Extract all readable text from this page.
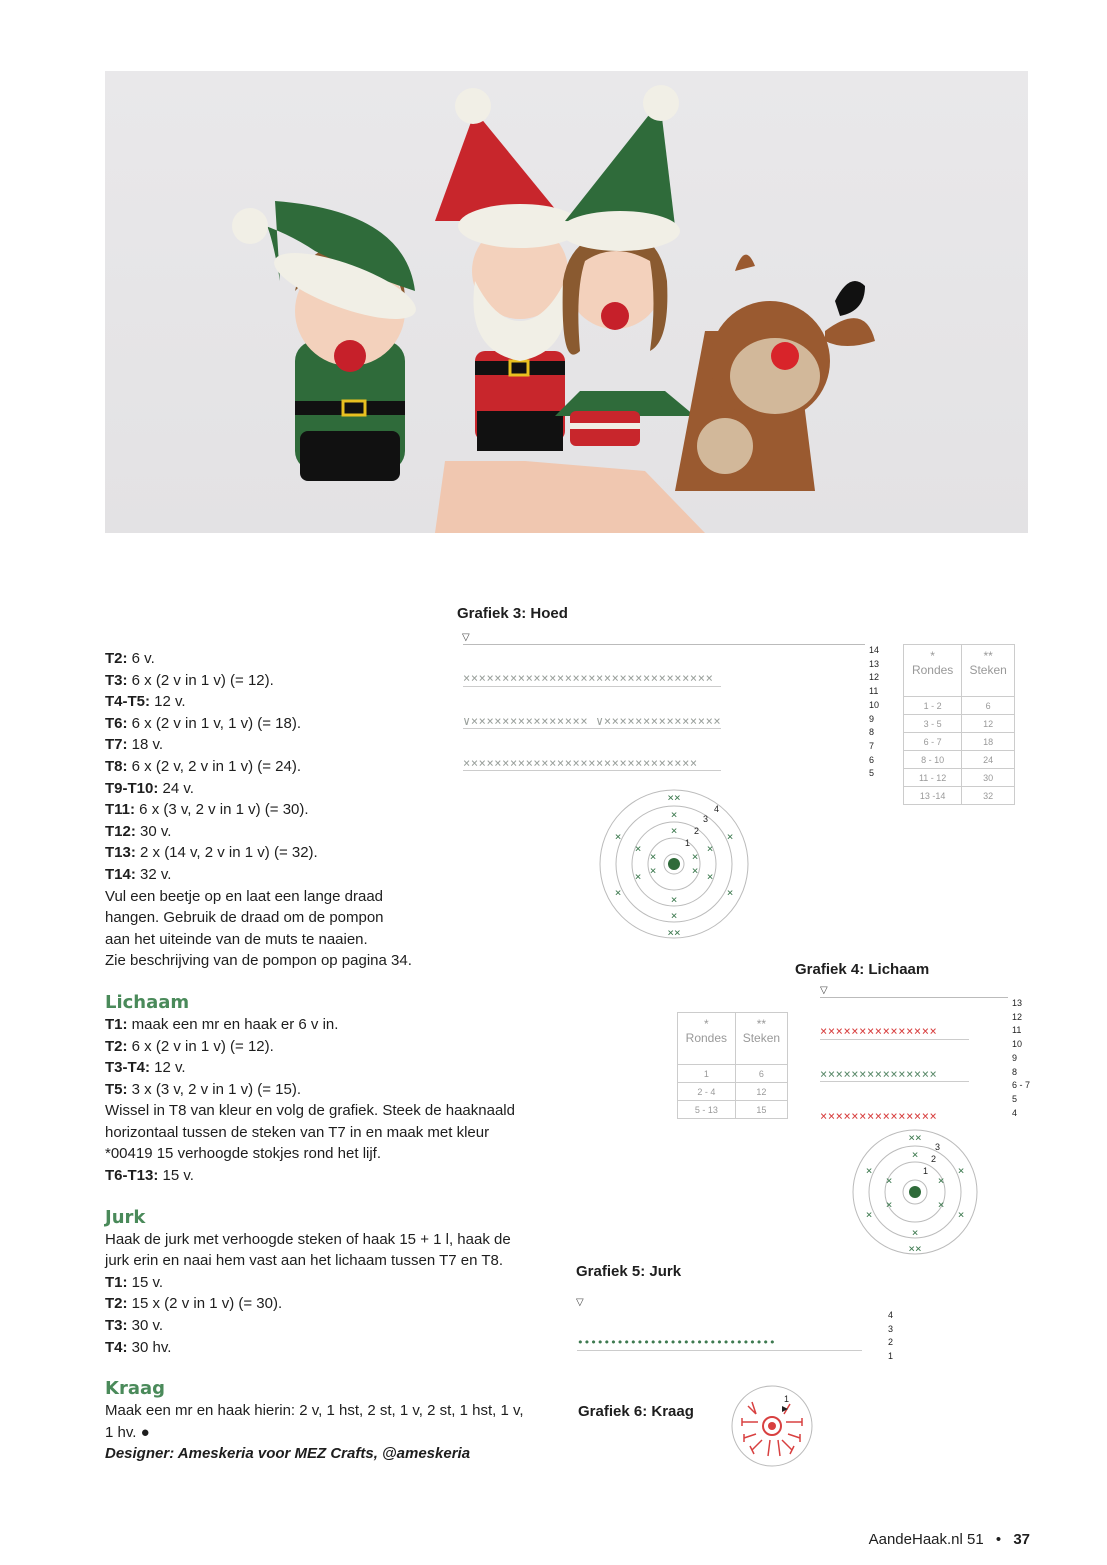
T2: 6 v.

T3: 6 x (2 v in 1 v) (= 12).

T4-T5: 12 v.

T6: 6 x (2 v in 1 v, 1 v) (= 18).

T7: 18 v.

T8: 6 x (2 v, 2 v in 1 v) (= 24).

T9-T10: 24 v.

T11: 6 x (3 v, 2 v in 1 v) (= 30).

T12: 30 v.

T13: 2 x (14 v, 2 v in 1 v) (= 32).

T14: 32 v.

Vul een beetje op en laat een lange draad

hangen. Gebruik de draad om de pompon

aan het uiteinde van de muts te naaien.

Zie beschrijving van de pompon op pagina 34.

Lichaam

T1: maak een mr en haak er 6 v in.

T2: 6 x (2 v in 1 v) (= 12).

T3-T4: 12 v.

T5: 3 x (3 v, 2 v in 1 v) (= 15).

Wissel in T8 van kleur en volg de grafiek. Steek de haaknaald

horizontaal tussen de steken van T7 in en maak met kleur

*00419 15 verhoogde stokjes rond het lijf.

T6-T13: 15 v.

Jurk

Haak de jurk met verhoogde steken of haak 15 + 1 l, haak de

jurk erin en naai hem vast aan het lichaam tussen T7 en T8.

T1: 15 v.

T2: 15 x (2 v in 1 v) (= 30).

T3: 30 v.

T4: 30 hv.

Kraag

Maak een mr en haak hierin: 2 v, 1 hst, 2 st, 1 v, 2 st, 1 hst, 1 v,

1 hv. ●

Designer: Ameskeria voor MEZ Crafts, @ameskeria

Grafiek 3: Hoed
▽

××××××××××××××××××××××××××××××××

∨××××××××××××××× ∨×××××××××××××××

××××××××××××××××××××××××××××××

14
13
12
11
10
9
8
7
6
5
*
Rondes	**
Steken
1 - 2	6
3 - 5	12
6 - 7	18
8 - 10	24
11 - 12	30
13 -14	32
××
××
×
×
×
×
×	×
×	×
×	×
×	×
×	×
×	×
4
3
2
1
Grafiek 4: Lichaam
▽

×××××××××××××××

×××××××××××××××

×××××××××××××××

13
12
11
10
9
8
6 - 7
5
4
*
Rondes	**
Steken
1	6
2 - 4	12
5 - 13	15
××
××
×
×
×	×
×	×
×	×
×	×
3
2
1
Grafiek 5: Jurk
▽

••••••••••••••••••••••••••••••

4
3
2
1
Grafiek 6: Kraag
1
AandeHaak.nl 51 • 37
